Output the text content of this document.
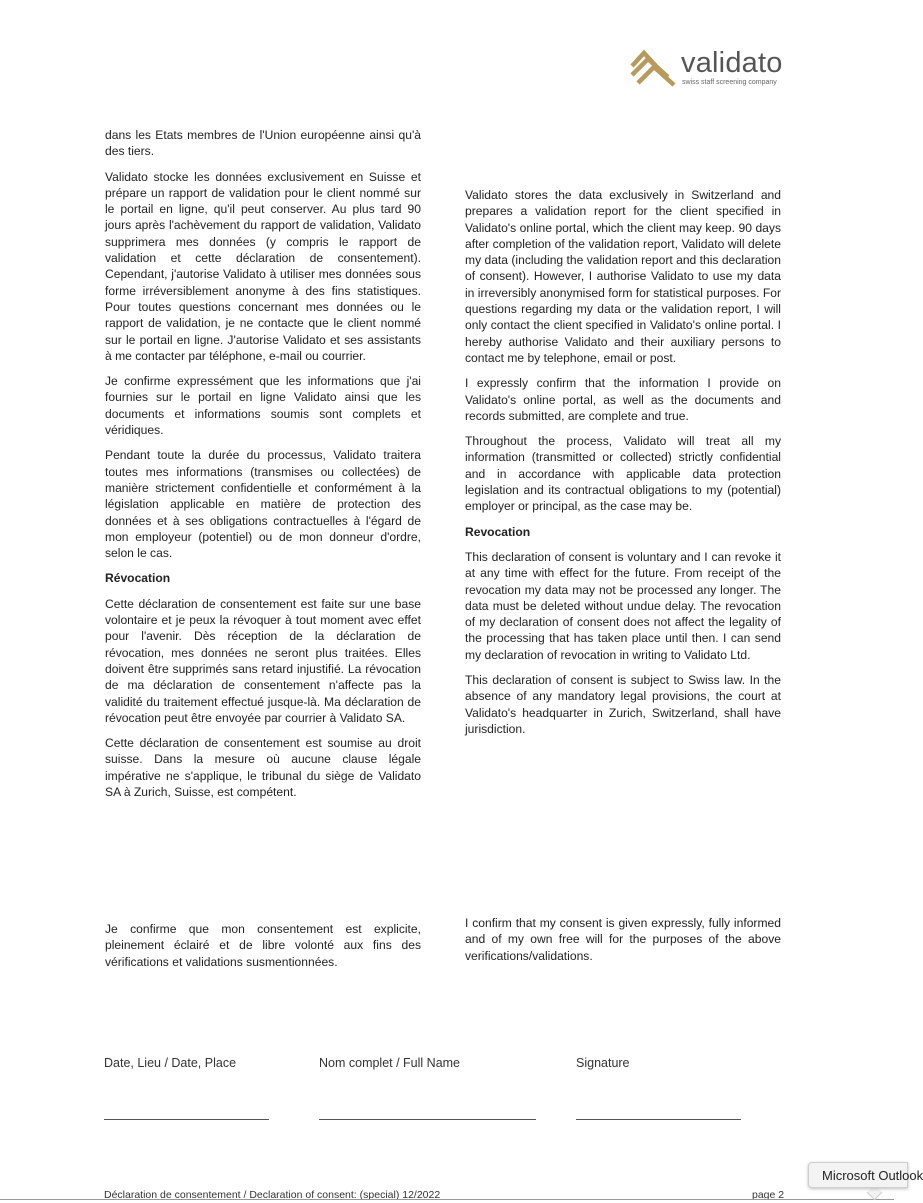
validato
swiss staff screening company

dans les Etats membres de l'Union européenne ainsi qu'à des tiers.

Validato stocke les données exclusivement en Suisse et prépare un rapport de validation pour le client nommé sur le portail en ligne, qu'il peut conserver. Au plus tard 90 jours après l'achèvement du rapport de validation, Validato supprimera mes données (y compris le rapport de validation et cette déclaration de consentement). Cependant, j'autorise Validato à utiliser mes données sous forme irréversiblement anonyme à des fins statistiques. Pour toutes questions concernant mes données ou le rapport de validation, je ne contacte que le client nommé sur le portail en ligne. J'autorise Validato et ses assistants à me contacter par téléphone, e-mail ou courrier.

Je confirme expressément que les informations que j'ai fournies sur le portail en ligne Validato ainsi que les documents et informations soumis sont complets et véridiques.

Pendant toute la durée du processus, Validato traitera toutes mes informations (transmises ou collectées) de manière strictement confidentielle et conformément à la législation applicable en matière de protection des données et à ses obligations contractuelles à l'égard de mon employeur (potentiel) ou de mon donneur d'ordre, selon le cas.

Révocation

Cette déclaration de consentement est faite sur une base volontaire et je peux la révoquer à tout moment avec effet pour l'avenir. Dès réception de la déclaration de révocation, mes données ne seront plus traitées. Elles doivent être supprimés sans retard injustifié. La révocation de ma déclaration de consentement n'affecte pas la validité du traitement effectué jusque-là. Ma déclaration de révocation peut être envoyée par courrier à Validato SA.

Cette déclaration de consentement est soumise au droit suisse. Dans la mesure où aucune clause légale impérative ne s'applique, le tribunal du siège de Validato SA à Zurich, Suisse, est compétent.

Validato stores the data exclusively in Switzerland and prepares a validation report for the client specified in Validato's online portal, which the client may keep. 90 days after completion of the validation report, Validato will delete my data (including the validation report and this declaration of consent). However, I authorise Validato to use my data in irreversibly anonymised form for statistical purposes. For questions regarding my data or the validation report, I will only contact the client specified in Validato's online portal. I hereby authorise Validato and their auxiliary persons to contact me by telephone, email or post.

I expressly confirm that the information I provide on Validato's online portal, as well as the documents and records submitted, are complete and true.

Throughout the process, Validato will treat all my information (transmitted or collected) strictly confidential and in accordance with applicable data protection legislation and its contractual obligations to my (potential) employer or principal, as the case may be.

Revocation

This declaration of consent is voluntary and I can revoke it at any time with effect for the future. From receipt of the revocation my data may not be processed any longer. The data must be deleted without undue delay. The revocation of my declaration of consent does not affect the legality of the processing that has taken place until then. I can send my declaration of revocation in writing to Validato Ltd.

This declaration of consent is subject to Swiss law. In the absence of any mandatory legal provisions, the court at Validato's headquarter in Zurich, Switzerland, shall have jurisdiction.

Je confirme que mon consentement est explicite, pleinement éclairé et de libre volonté aux fins des vérifications et validations susmentionnées.

I confirm that my consent is given expressly, fully informed and of my own free will for the purposes of the above verifications/validations.

Date, Lieu / Date, Place	Nom complet / Full Name	Signature
Déclaration de consentement / Declaration of consent: (special) 12/2022	page 2
Microsoft Outlook
